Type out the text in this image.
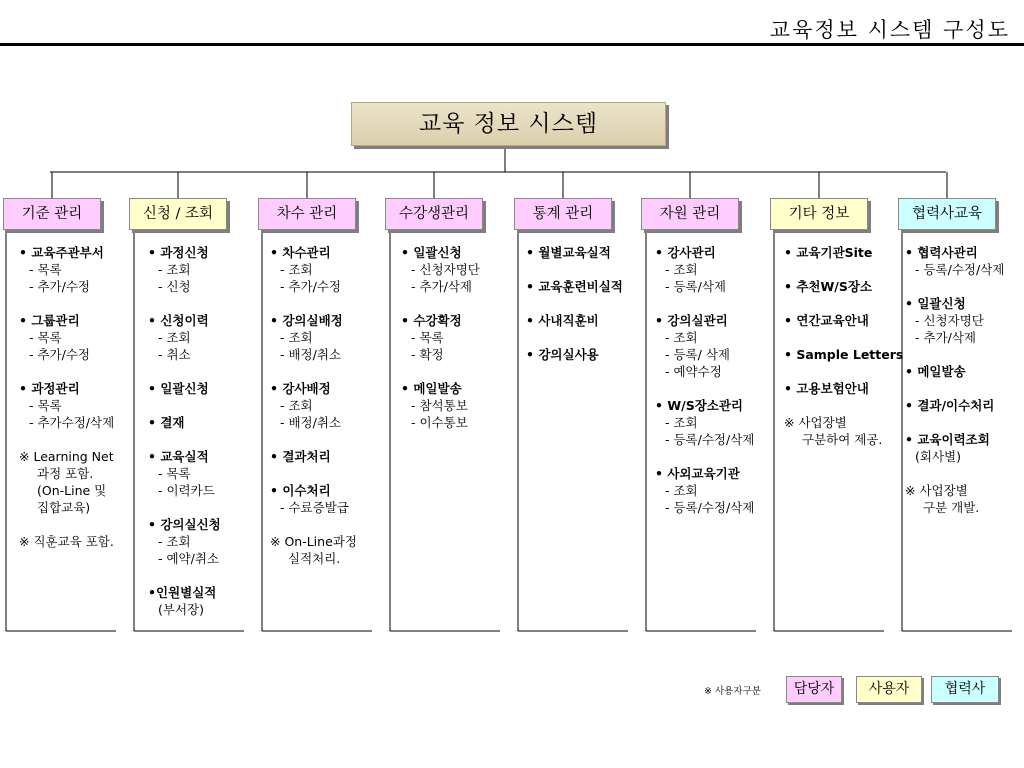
교육정보 시스템 구성도
교육 정보 시스템
기준 관리	신청 / 조회	차수 관리	수강생관리	통계 관리	자원 관리	기타 정보	협력사교육
• 교육주관부서
- 목록
- 추가/수정
• 그룹관리
- 목록
- 추가/수정
• 과정관리
- 목록
- 추가수정/삭제
※ Learning Net
과정 포함.
(On-Line 및
집합교육)
※ 직훈교육 포함.
• 과정신청
- 조회
- 신청
• 신청이력
- 조회
- 취소
• 일괄신청
• 결재
• 교육실적
- 목록
- 이력카드
• 강의실신청
- 조회
- 예약/취소
•인원별실적
(부서장)
• 차수관리
- 조회
- 추가/수정
• 강의실배정
- 조회
- 배정/취소
• 강사배정
- 조회
- 배정/취소
• 결과처리
• 이수처리
- 수료증발급
※ On-Line과정
실적처리.
• 일괄신청
- 신청자명단
- 추가/삭제
• 수강확정
- 목록
- 확정
• 메일발송
- 참석통보
- 이수통보
• 월별교육실적
• 교육훈련비실적
• 사내직훈비
• 강의실사용
• 강사관리
- 조회
- 등록/삭제
• 강의실관리
- 조회
- 등록/ 삭제
- 예약수정
• W/S장소관리
- 조회
- 등록/수정/삭제
• 사외교육기관
- 조회
- 등록/수정/삭제
• 교육기관Site
• 추천W/S장소
• 연간교육안내
• Sample Letters
• 고용보험안내
※ 사업장별
구분하여 제공.
• 협력사관리
- 등록/수정/삭제
• 일괄신청
- 신청자명단
- 추가/삭제
• 메일발송
• 결과/이수처리
• 교육이력조회
(회사별)
※ 사업장별
구분 개발.
※ 사용자구분	담당자	사용자	협력사
